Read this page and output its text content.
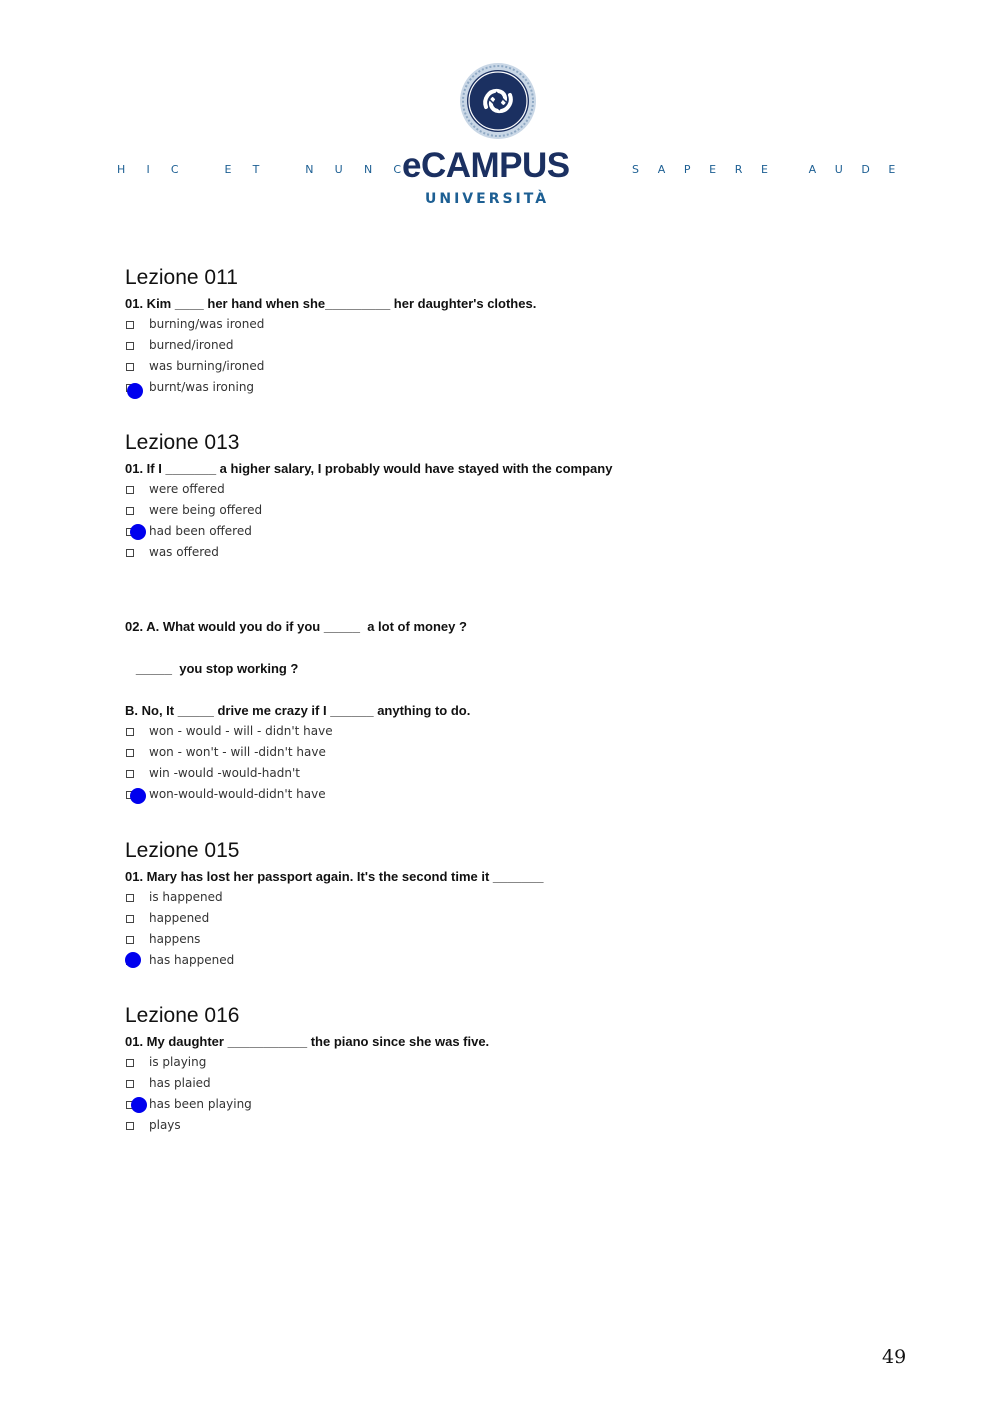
HIC ET NUNC
eCAMPUS
UNIVERSITÀ
SAPERE AUDE
Lezione 011
01. Kim ____ her hand when she_________ her daughter's clothes.
burning/was ironed
burned/ironed
was burning/ironed
burnt/was ironing
Lezione 013
01. If I _______ a higher salary, I probably would have stayed with the company
were offered
were being offered
had been offered
was offered
02. A. What would you do if you _____  a lot of money ?
_____  you stop working ?
B. No, It _____ drive me crazy if I ______ anything to do.
won - would - will - didn't have
won - won't - will -didn't have
win -would -would-hadn't
won-would-would-didn't have
Lezione 015
01. Mary has lost her passport again. It's the second time it _______
is happened
happened
happens
has happened
Lezione 016
01. My daughter ___________ the piano since she was five.
is playing
has plaied
has been playing
plays
49
